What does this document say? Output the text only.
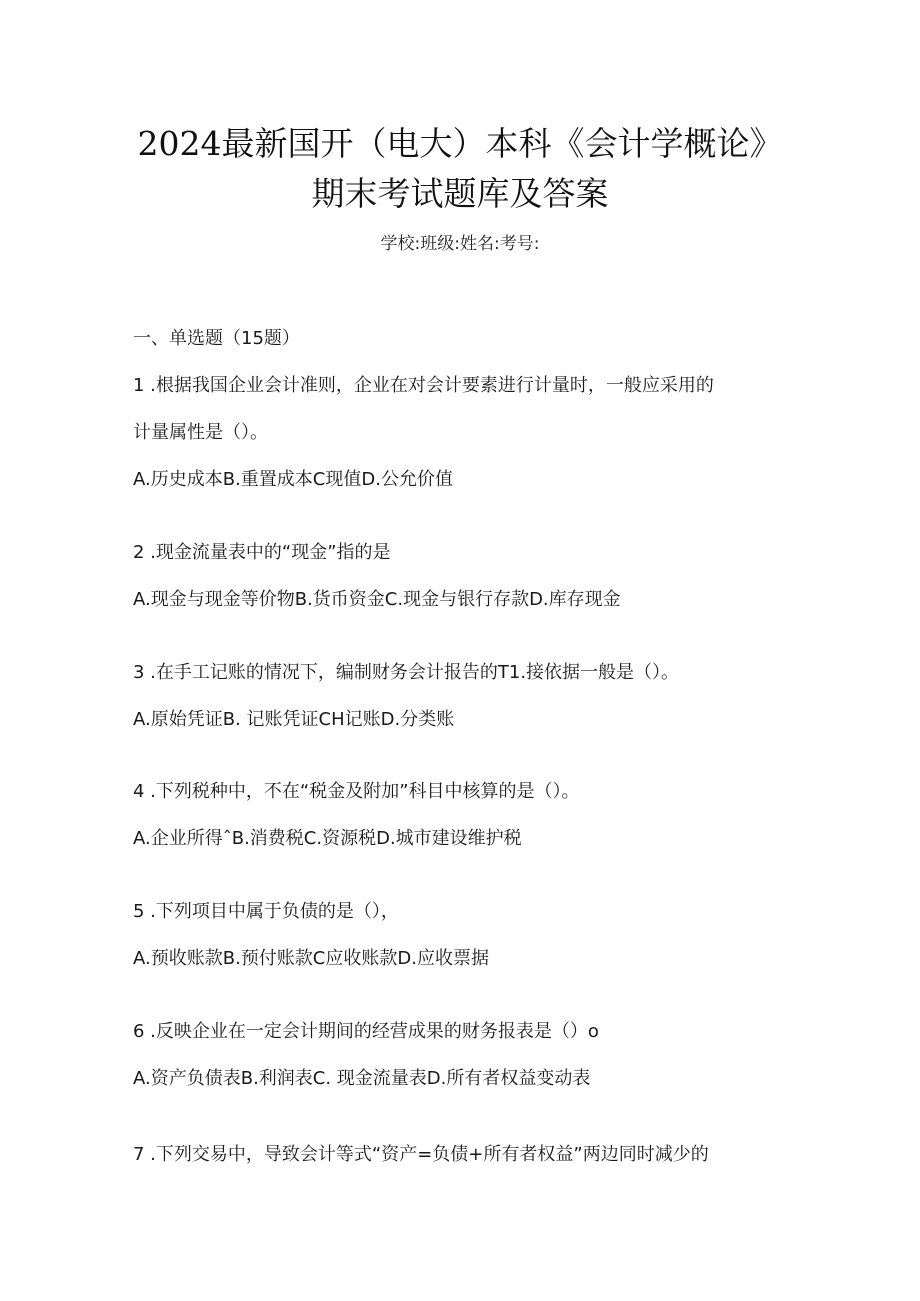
2024最新国开（电大）本科《会计学概论》
期末考试题库及答案
学校:班级:姓名:考号:
一、单选题（15题）
1 .根据我国企业会计准则，企业在对会计要素进行计量时，一般应采用的
计量属性是（）。
A.历史成本B.重置成本C现值D.公允价值
2 .现金流量表中的“现金”指的是
A.现金与现金等价物B.货币资金C.现金与银行存款D.库存现金
3 .在手工记账的情况下，编制财务会计报告的T1.接依据一般是（）。
A.原始凭证B. 记账凭证CH记账D.分类账
4 .下列税种中，不在“税金及附加”科目中核算的是（）。
A.企业所得ˆB.消费税C.资源税D.城市建设维护税
5 .下列项目中属于负债的是（），
A.预收账款B.预付账款C应收账款D.应收票据
6 .反映企业在一定会计期间的经营成果的财务报表是（）o
A.资产负债表B.利润表C. 现金流量表D.所有者权益变动表
7 .下列交易中，导致会计等式“资产=负债+所有者权益”两边同时减少的
